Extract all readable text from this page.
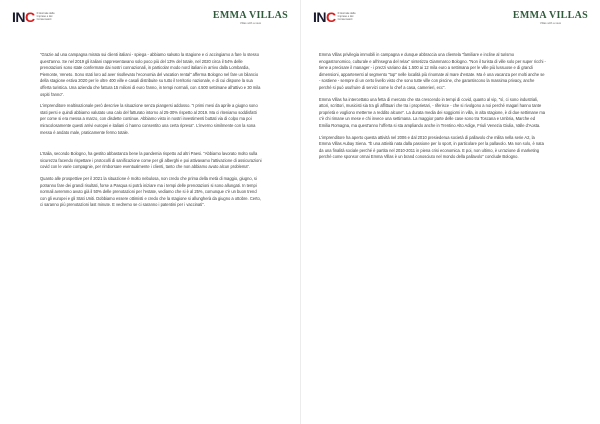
INC Il Giornale delle Imprese e dei Consumatori	EMMA VILLAS
Villas with a view

"Grazie ad una campagna mirata sui clienti italiani - spiega - abbiamo salvato la stagione e ci accingiamo a fare lo stesso quest'anno. Se nel 2019 gli italiani rappresentavano solo poco più del 13% del totale, nel 2020 circa il 54% delle prenotazioni sono state confermate dai nostri connazionali, in particolar modo nord italiani in arrivo dalla Lombardia, Piemonte, Veneto. Sono stati loro ad aver risollevato l'economia del vacation rental" afferma Bologno nel fare un bilancio della stagione estiva 2020 per le oltre 400 ville e casali distribuite su tutto il territorio nazionale, e di cui dispone la sua offerta turistica. Una azienda che fattura 15 milioni di euro l'anno, in tempi normali, con 4.500 settimane all'attivo e 30 mila ospiti l'anno".

L'imprenditore realtinazionale però descrive la situazione senza piangersi addosso. "I primi mesi da aprile a giugno sono stati persi e quindi abbiamo valutato una calo del fatturato intorno al 25-30% rispetto al 2019. Ma ci riteniamo soddisfatti per come si era messa a marzo, con disdette continue. Abbiamo visto in nostri investimenti buttati via di colpo ma poi miracolosamente questi arrivi europei e italiani ci hanno consentito una certa ripresa". L'inverno similmente con la sona messa è andato male, praticamente fermo totale.

L'Italia, secondo Bologno, ha gestito abbastanza bene la pandemia rispetto ad altri Paesi. "Abbiamo lavorato molto sulla sicurezza facendo rispettare i protocolli di sanificazione come per gli alberghi e poi attivavamo l'attivazione di assicurazioni covid con le varie compagnie, per rimborsare eventualmente i clienti, tanto che non abbiamo avuto alcun problema".

Quanto alle prospettive per il 2021 la situazione è molto nebulosa, non credo che prima della metà di maggio, giugno, si potranno fare dei grandi risultati, forse a Pasqua si potrà iniziare ma i tempi delle prenotazioni si sono allungati. In tempi normali avremmo avuto già il 50% delle prenotazioni per l'estate, vediamo che si è al 25%, comunque c'è un buon trend con gli europei e gli Stati Uniti. Dobbiamo essere ottimisti e credo che la stagione si allungherà da giugno a ottobre. Certo, ci saranno più prenotazioni last minute. E vedremo se ci saranno i patentini per i vaccinati".

INC Il Giornale delle Imprese e dei Consumatori	EMMA VILLAS
Villas with a view

Emma Villas privilegia immobili in campagna e dunque abbraccia una clientela "familiare e incline al turismo enogastronomico, culturale e all'insegna del relax" sintetizza Giammarco Bologno. "Non il turista di ville solo per super ricchi - tiene a precisare il manager - i prezzi variano dai 1.500 ai 12 mila euro a settimana per le ville più lussuose e di grandi dimensioni, appartenenti al segmento "top" nelle località più rinomate al mare d'estate. Ma è una vacanza per molti anche se - sostiene - sempre di un certo livello visto che sono tutte ville con piscine, che garantiscono la massima privacy, anche perché si può usufruire di servizi come lo chef a casa, camerieri, ecc".

Emma Villas ha intercettato una fetta di mercato che sta crescendo in tempi di covid, quanto al vip, "sì, ci sono industriali, attori, scrittori, musicisti sia tra gli affittuari che tra i proprietari, - riferisce - che si rivolgono a noi perché magari hanno tante proprietà e vogliono metterne a reddito alcune". La durata media dei soggiorni in villa, in alta stagione, è di due settimane ma c'è chi rimane un mese e chi invece una settimana. La maggior parte delle case sono tra Toscana e Umbria, Marche ed Emilia Romagna, ma quest'anno l'offerta si sta ampliando anche in Trentino Alto Adige, Friuli Venezia Giulia, Valle d'Aosta.

L'imprenditore ha aperto questa attività nel 2006 e dal 2010 presiederua società di pallavolo che milita nella serie A2, la Emma Villas Aubay Siena. "È una attività nata dalla passione per lo sport, in particolare per la pallavolo. Ma non solo, è nata da una finalità sociale perché è partita nel 2010-2011 in piena crisi economica. E poi, non ultimo, è un'azione di marketing perché come sponsor ormai Emma Villas è un brand conosciuto nel mondo della pallavolo" conclude Bologno.
